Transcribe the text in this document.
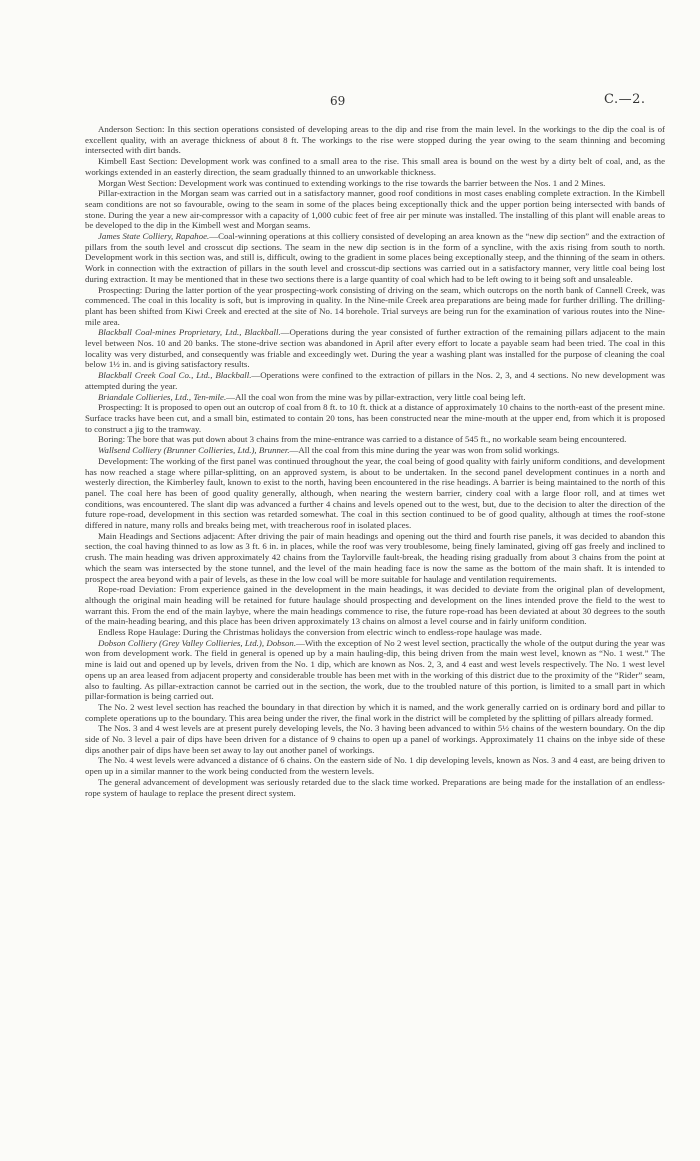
69	C.—2.

Anderson Section: In this section operations consisted of developing areas to the dip and rise from the main level. In the workings to the dip the coal is of excellent quality, with an average thickness of about 8 ft. The workings to the rise were stopped during the year owing to the seam thinning and becoming intersected with dirt bands.

Kimbell East Section: Development work was confined to a small area to the rise. This small area is bound on the west by a dirty belt of coal, and, as the workings extended in an easterly direction, the seam gradually thinned to an unworkable thickness.

Morgan West Section: Development work was continued to extending workings to the rise towards the barrier between the Nos. 1 and 2 Mines.

Pillar-extraction in the Morgan seam was carried out in a satisfactory manner, good roof conditions in most cases enabling complete extraction. In the Kimbell seam conditions are not so favourable, owing to the seam in some of the places being exceptionally thick and the upper portion being intersected with bands of stone. During the year a new air-compressor with a capacity of 1,000 cubic feet of free air per minute was installed. The installing of this plant will enable areas to be developed to the dip in the Kimbell west and Morgan seams.

James State Colliery, Rapahoe.—Coal-winning operations at this colliery consisted of developing an area known as the “new dip section” and the extraction of pillars from the south level and crosscut dip sections. The seam in the new dip section is in the form of a syncline, with the axis rising from south to north. Development work in this section was, and still is, difficult, owing to the gradient in some places being exceptionally steep, and the thinning of the seam in others. Work in connection with the extraction of pillars in the south level and crosscut-dip sections was carried out in a satisfactory manner, very little coal being lost during extraction. It may be mentioned that in these two sections there is a large quantity of coal which had to be left owing to it being soft and unsaleable.

Prospecting: During the latter portion of the year prospecting-work consisting of driving on the seam, which outcrops on the north bank of Cannell Creek, was commenced. The coal in this locality is soft, but is improving in quality. In the Nine-mile Creek area preparations are being made for further drilling. The drilling-plant has been shifted from Kiwi Creek and erected at the site of No. 14 borehole. Trial surveys are being run for the examination of various routes into the Nine-mile area.

Blackball Coal-mines Proprietary, Ltd., Blackball.—Operations during the year consisted of further extraction of the remaining pillars adjacent to the main level between Nos. 10 and 20 banks. The stone-drive section was abandoned in April after every effort to locate a payable seam had been tried. The coal in this locality was very disturbed, and consequently was friable and exceedingly wet. During the year a washing plant was installed for the purpose of cleaning the coal below 1½ in. and is giving satisfactory results.

Blackball Creek Coal Co., Ltd., Blackball.—Operations were confined to the extraction of pillars in the Nos. 2, 3, and 4 sections. No new development was attempted during the year.

Briandale Collieries, Ltd., Ten-mile.—All the coal won from the mine was by pillar-extraction, very little coal being left.

Prospecting: It is proposed to open out an outcrop of coal from 8 ft. to 10 ft. thick at a distance of approximately 10 chains to the north-east of the present mine. Surface tracks have been cut, and a small bin, estimated to contain 20 tons, has been constructed near the mine-mouth at the upper end, from which it is proposed to construct a jig to the tramway.

Boring: The bore that was put down about 3 chains from the mine-entrance was carried to a distance of 545 ft., no workable seam being encountered.

Wallsend Colliery (Brunner Collieries, Ltd.), Brunner.—All the coal from this mine during the year was won from solid workings.

Development: The working of the first panel was continued throughout the year, the coal being of good quality with fairly uniform conditions, and development has now reached a stage where pillar-splitting, on an approved system, is about to be undertaken. In the second panel development continues in a north and westerly direction, the Kimberley fault, known to exist to the north, having been encountered in the rise headings. A barrier is being maintained to the north of this panel. The coal here has been of good quality generally, although, when nearing the western barrier, cindery coal with a large floor roll, and at times wet conditions, was encountered. The slant dip was advanced a further 4 chains and levels opened out to the west, but, due to the decision to alter the direction of the future rope-road, development in this section was retarded somewhat. The coal in this section continued to be of good quality, although at times the roof-stone differed in nature, many rolls and breaks being met, with treacherous roof in isolated places.

Main Headings and Sections adjacent: After driving the pair of main headings and opening out the third and fourth rise panels, it was decided to abandon this section, the coal having thinned to as low as 3 ft. 6 in. in places, while the roof was very troublesome, being finely laminated, giving off gas freely and inclined to crush. The main heading was driven approximately 42 chains from the Taylorville fault-break, the heading rising gradually from about 3 chains from the point at which the seam was intersected by the stone tunnel, and the level of the main heading face is now the same as the bottom of the main shaft. It is intended to prospect the area beyond with a pair of levels, as these in the low coal will be more suitable for haulage and ventilation requirements.

Rope-road Deviation: From experience gained in the development in the main headings, it was decided to deviate from the original plan of development, although the original main heading will be retained for future haulage should prospecting and development on the lines intended prove the field to the west to warrant this. From the end of the main laybye, where the main headings commence to rise, the future rope-road has been deviated at about 30 degrees to the south of the main-heading bearing, and this place has been driven approximately 13 chains on almost a level course and in fairly uniform condition.

Endless Rope Haulage: During the Christmas holidays the conversion from electric winch to endless-rope haulage was made.

Dobson Colliery (Grey Valley Collieries, Ltd.), Dobson.—With the exception of No 2 west level section, practically the whole of the output during the year was won from development work. The field in general is opened up by a main hauling-dip, this being driven from the main west level, known as “No. 1 west.” The mine is laid out and opened up by levels, driven from the No. 1 dip, which are known as Nos. 2, 3, and 4 east and west levels respectively. The No. 1 west level opens up an area leased from adjacent property and considerable trouble has been met with in the working of this district due to the proximity of the “Rider” seam, also to faulting. As pillar-extraction cannot be carried out in the section, the work, due to the troubled nature of this portion, is limited to a small part in which pillar-formation is being carried out.

The No. 2 west level section has reached the boundary in that direction by which it is named, and the work generally carried on is ordinary bord and pillar to complete operations up to the boundary. This area being under the river, the final work in the district will be completed by the splitting of pillars already formed.

The Nos. 3 and 4 west levels are at present purely developing levels, the No. 3 having been advanced to within 5½ chains of the western boundary. On the dip side of No. 3 level a pair of dips have been driven for a distance of 9 chains to open up a panel of workings. Approximately 11 chains on the inbye side of these dips another pair of dips have been set away to lay out another panel of workings.

The No. 4 west levels were advanced a distance of 6 chains. On the eastern side of No. 1 dip developing levels, known as Nos. 3 and 4 east, are being driven to open up in a similar manner to the work being conducted from the western levels.

The general advancement of development was seriously retarded due to the slack time worked. Preparations are being made for the installation of an endless-rope system of haulage to replace the present direct system.
